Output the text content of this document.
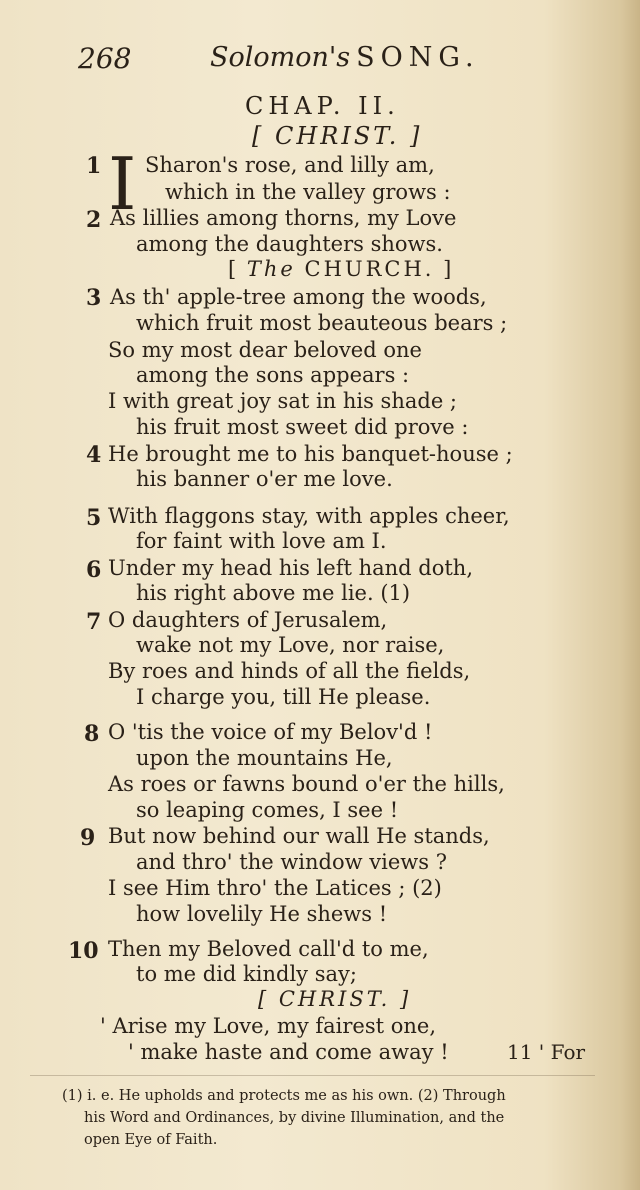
268	Solomon's SONG.
CHAP. II.
[ CHRIST. ]
I
1 Sharon's rose, and lilly am,
which in the valley grows :
2 As lillies among thorns, my Love
among the daughters shows.
[ The CHURCH. ]
3 As th' apple-tree among the woods,
which fruit most beauteous bears ;
So my most dear beloved one
among the sons appears :
I with great joy sat in his shade ;
his fruit most sweet did prove :
4 He brought me to his banquet-house ;
his banner o'er me love.
5 With flaggons stay, with apples cheer,
for faint with love am I.
6 Under my head his left hand doth,
his right above me lie. (1)
7 O daughters of Jerusalem,
wake not my Love, nor raise,
By roes and hinds of all the fields,
I charge you, till He please.
8 O 'tis the voice of my Belov'd !
upon the mountains He,
As roes or fawns bound o'er the hills,
so leaping comes, I see !
9 But now behind our wall He stands,
and thro' the window views ?
I see Him thro' the Latices ; (2)
how lovelily He shews !
10 Then my Beloved call'd to me,
to me did kindly say;
[ CHRIST. ]
' Arise my Love, my fairest one,
' make haste and come away !	11 ' For
(1) i. e. He upholds and protects me as his own. (2) Through
his Word and Ordinances, by divine Illumination, and the
open Eye of Faith.
